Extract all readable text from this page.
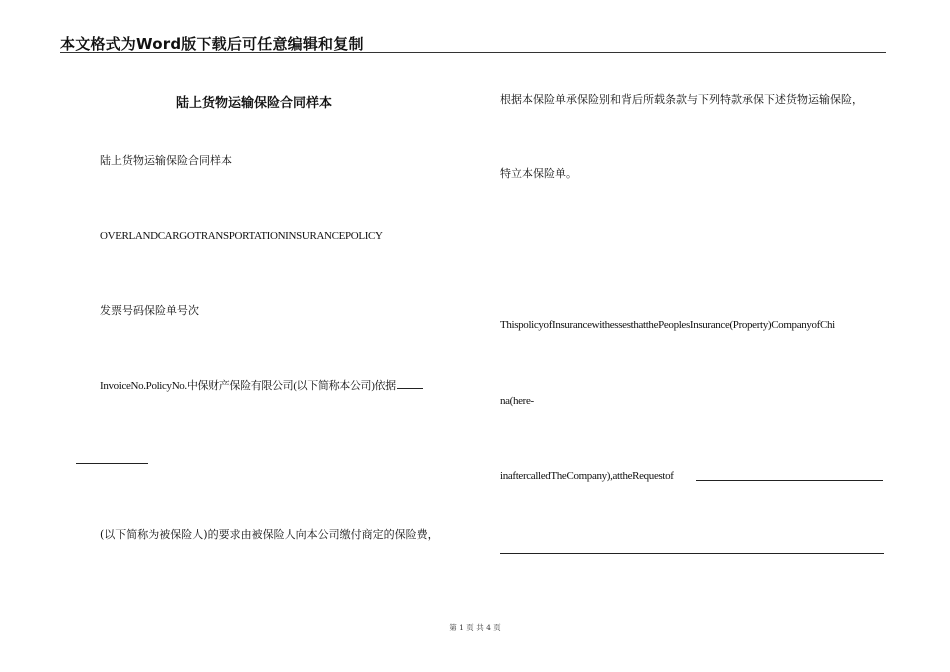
本文格式为Word版下载后可任意编辑和复制
陆上货物运输保险合同样本
陆上货物运输保险合同样本
OVERLANDCARGOTRANSPORTATIONINSURANCEPOLICY
发票号码保险单号次
InvoiceNo.PolicyNo.中保财产保险有限公司(以下简称本公司)依据
(以下简称为被保险人)的要求由被保险人向本公司缴付商定的保险费，
根据本保险单承保险别和背后所载条款与下列特款承保下述货物运输保险，
特立本保险单。
ThispolicyofInsurancewithessesthatthePeoplesInsurance(Property)CompanyofChi
na(here-
inaftercalledTheCompany),attheRequestof
第 1 页 共 4 页
